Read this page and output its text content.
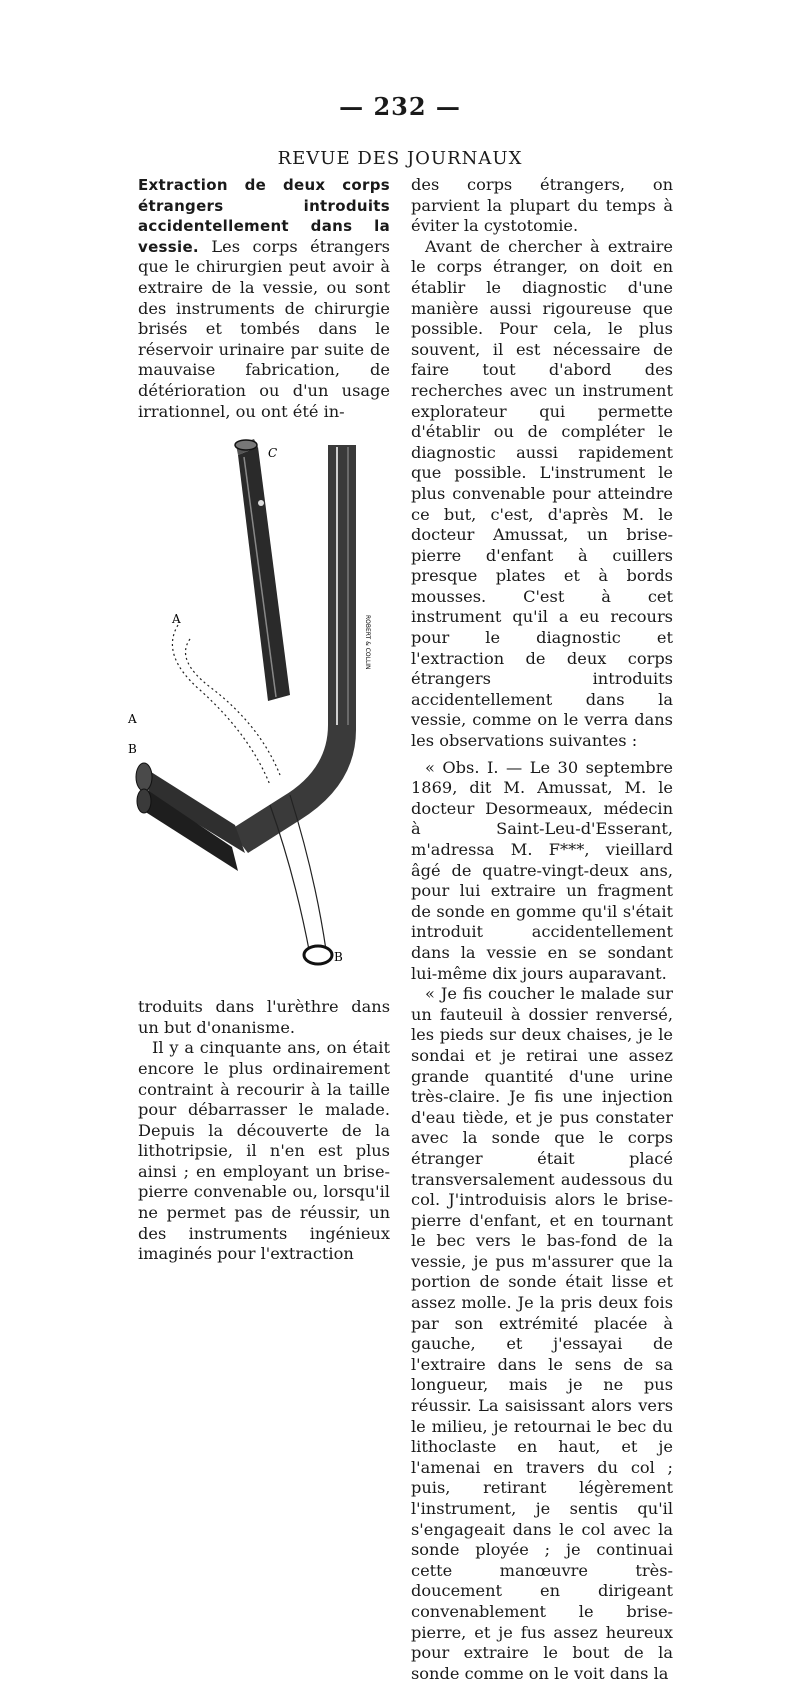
— 232 —
REVUE DES JOURNAUX

Extraction de deux corps étrangers introduits accidentellement dans la vessie. Les corps étrangers que le chirurgien peut avoir à extraire de la vessie, ou sont des instruments de chirurgie brisés et tombés dans le réservoir urinaire par suite de mauvaise fabrication, de détérioration ou d'un usage irrationnel, ou ont été in-

C
A
A
B
B
ROBERT & COLLIN

troduits dans l'urèthre dans un but d'onanisme.

Il y a cinquante ans, on était encore le plus ordinairement contraint à recourir à la taille pour débarrasser le malade. Depuis la découverte de la lithotripsie, il n'en est plus ainsi ; en employant un brise-pierre convenable ou, lorsqu'il ne permet pas de réussir, un des instruments ingénieux imaginés pour l'extraction

des corps étrangers, on parvient la plupart du temps à éviter la cystotomie.

Avant de chercher à extraire le corps étranger, on doit en établir le diagnostic d'une manière aussi rigoureuse que possible. Pour cela, le plus souvent, il est nécessaire de faire tout d'abord des recherches avec un instrument explorateur qui permette d'établir ou de compléter le diagnostic aussi rapidement que possible. L'instrument le plus convenable pour atteindre ce but, c'est, d'après M. le docteur Amussat, un brise-pierre d'enfant à cuillers presque plates et à bords mousses. C'est à cet instrument qu'il a eu recours pour le diagnostic et l'extraction de deux corps étrangers introduits accidentellement dans la vessie, comme on le verra dans les observations suivantes :

« Obs. I. — Le 30 septembre 1869, dit M. Amussat, M. le docteur Desormeaux, médecin à Saint-Leu-d'Esserant, m'adressa M. F***, vieillard âgé de quatre-vingt-deux ans, pour lui extraire un fragment de sonde en gomme qu'il s'était introduit accidentellement dans la vessie en se sondant lui-même dix jours auparavant.

« Je fis coucher le malade sur un fauteuil à dossier renversé, les pieds sur deux chaises, je le sondai et je retirai une assez grande quantité d'une urine très-claire. Je fis une injection d'eau tiède, et je pus constater avec la sonde que le corps étranger était placé transversalement audessous du col. J'introduisis alors le brise-pierre d'enfant, et en tournant le bec vers le bas-fond de la vessie, je pus m'assurer que la portion de sonde était lisse et assez molle. Je la pris deux fois par son extrémité placée à gauche, et j'essayai de l'extraire dans le sens de sa longueur, mais je ne pus réussir. La saisissant alors vers le milieu, je retournai le bec du lithoclaste en haut, et je l'amenai en travers du col ; puis, retirant légèrement l'instrument, je sentis qu'il s'engageait dans le col avec la sonde ployée ; je continuai cette manœuvre très-doucement en dirigeant convenablement le brise-pierre, et je fus assez heureux pour extraire le bout de la sonde comme on le voit dans la
